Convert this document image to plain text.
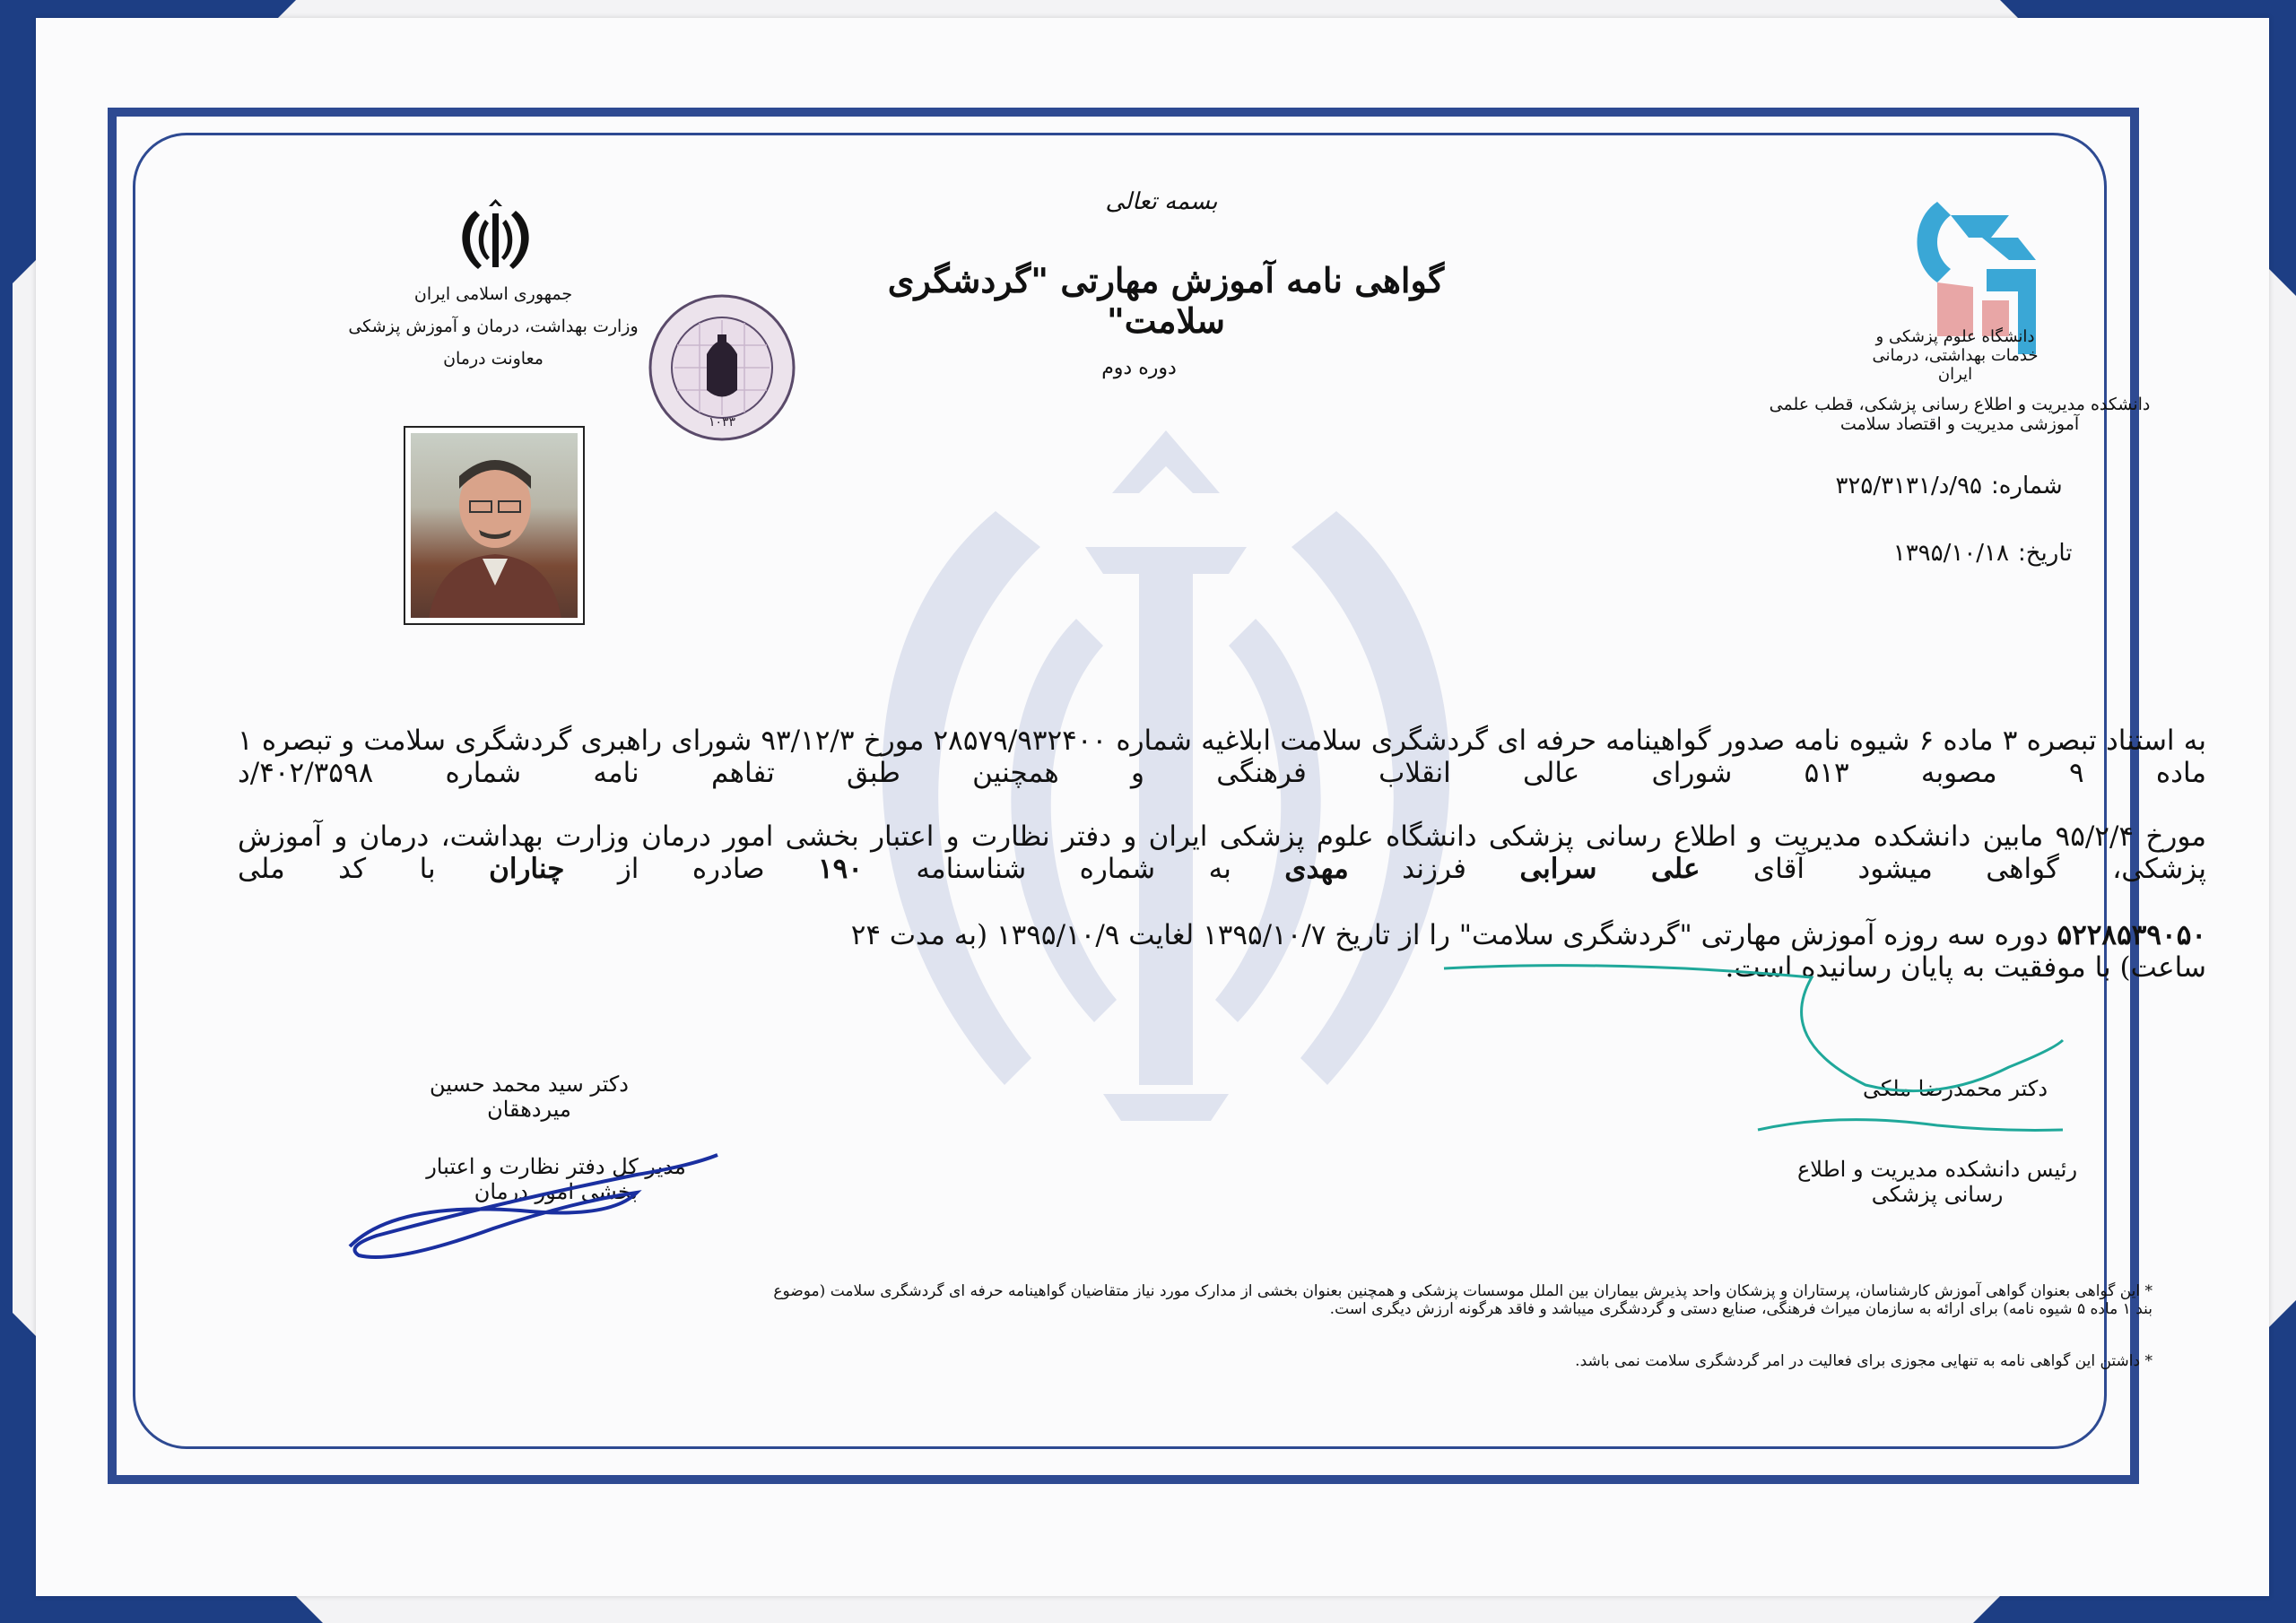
بسمه تعالی
گواهی نامه آموزش مهارتی "گردشگری سلامت"
دوره دوم
جمهوری اسلامی ایران
وزارت بهداشت، درمان و آموزش پزشکی
معاونت درمان
۱۰۳۳
دانشگاه علوم پزشکی و خدمات بهداشتی، درمانی ایران
دانشکده مدیریت و اطلاع رسانی پزشکی، قطب علمی آموزشی مدیریت و اقتصاد سلامت
شماره:
۹۵/د/۳۲۵/۳۱۳۱
تاریخ:
۱۳۹۵/۱۰/۱۸
به استناد تبصره ۳ ماده ۶ شیوه نامه صدور گواهینامه حرفه ای گردشگری سلامت ابلاغیه شماره ۲۸۵۷۹/۹۳۲۴۰۰ مورخ ۹۳/۱۲/۳ شورای راهبری گردشگری سلامت و تبصره ۱ ماده ۹ مصوبه ۵۱۳ شورای عالی انقلاب فرهنگی و همچنین طبق تفاهم نامه شماره ۴۰۲/۳۵۹۸/د
مورخ ۹۵/۲/۴ مابین دانشکده مدیریت و اطلاع رسانی پزشکی دانشگاه علوم پزشکی ایران و دفتر نظارت و اعتبار بخشی امور درمان وزارت بهداشت، درمان و آموزش پزشکی، گواهی میشود آقای علی سرابی فرزند مهدی به شماره شناسنامه ۱۹۰ صادره از چناران با کد ملی
۵۲۲۸۵۳۹۰۵۰ دوره سه روزه آموزش مهارتی "گردشگری سلامت" را از تاریخ ۱۳۹۵/۱۰/۷ لغایت ۱۳۹۵/۱۰/۹ (به مدت ۲۴ ساعت) با موفقیت به پایان رسانیده است.
دکتر سید محمد حسین میردهقان
مدیر کل دفتر نظارت و اعتبار بخشی امور درمان
دکتر محمدرضا ملکی
رئیس دانشکده مدیریت و اطلاع رسانی پزشکی
* این گواهی بعنوان گواهی آموزش کارشناسان، پرستاران و پزشکان واحد پذیرش بیماران بین الملل موسسات پزشکی و همچنین بعنوان بخشی از مدارک مورد نیاز متقاضیان گواهینامه حرفه ای گردشگری سلامت (موضوع بند ۱ ماده ۵ شیوه نامه) برای ارائه به سازمان میراث فرهنگی، صنایع دستی و گردشگری میباشد و فاقد هرگونه ارزش دیگری است.
* داشتن این گواهی نامه به تنهایی مجوزی برای فعالیت در امر گردشگری سلامت نمی باشد.
